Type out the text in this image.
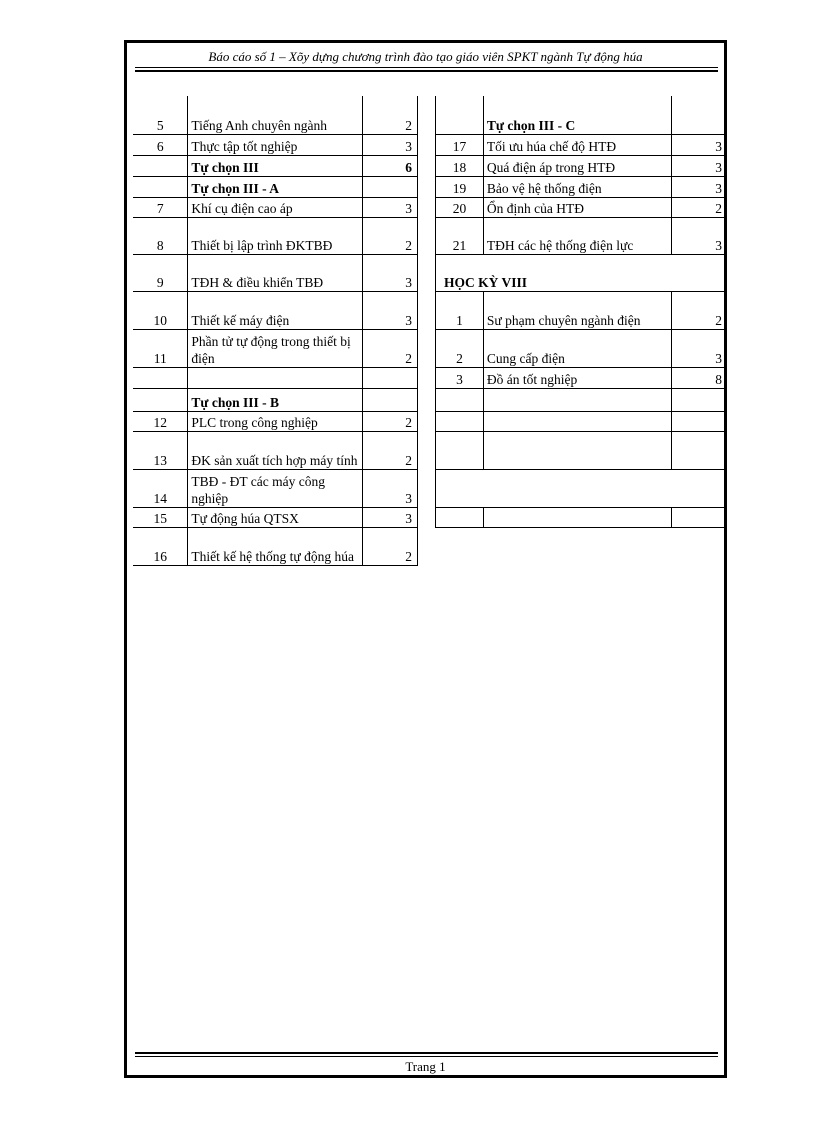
Báo cáo số 1 – Xõy dựng chương trình đào tạo giáo viên SPKT ngành Tự động húa
5	Tiếng Anh chuyên ngành	2
6	Thực tập tốt nghiệp	3
	Tự chọn III	6
	Tự chọn III - A	
7	Khí cụ điện cao áp	3
8	Thiết bị lập trình ĐKTBĐ	2
9	TĐH & điều khiển TBĐ	3
10	Thiết kế máy điện	3
11	Phần tử tự động trong thiết bị điện	2

	Tự chọn III - B	
12	PLC trong công nghiệp	2
13	ĐK sản xuất tích hợp máy tính	2
14	TBĐ - ĐT các máy công nghiệp	3
15	Tự động húa QTSX	3
16	Thiết kế hệ thống tự động húa	2
	Tự chọn III - C	
17	Tối ưu húa chế độ HTĐ	3
18	Quá điện áp trong HTĐ	3
19	Bảo vệ hệ thống điện	3
20	Ổn định của HTĐ	2
21	TĐH các hệ thống điện lực	3
HỌC KỲ VIII		
1	Sư phạm chuyên ngành điện	2
2	Cung cấp điện	3
3	Đồ án tốt nghiệp	8

Trang 1
